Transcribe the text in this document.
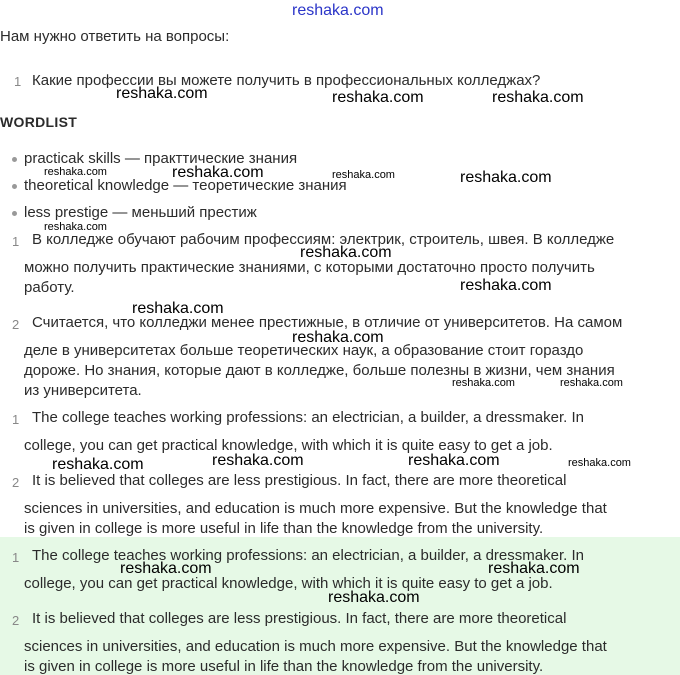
reshaka.com
Нам нужно ответить на вопросы:
1 Какие профессии вы можете получить в профессиональных колледжах?
WORDLIST
practicak skills — практтические знания
theoretical knowledge — теоретические знания
less prestige — меньший престиж
1 В колледже обучают рабочим профессиям: электрик, строитель, швея. В колледже
можно получить практические знаниями, с которыми достаточно просто получить
работу.
2 Считается, что колледжи менее престижные, в отличие от университетов. На самом
деле в университетах больше теоретических наук, а образование стоит гораздо
дороже. Но знания, которые дают в колледже, больше полезны в жизни, чем знания
из университета.
1 The college teaches working professions: an electrician, a builder, a dressmaker. In
college, you can get practical knowledge, with which it is quite easy to get a job.
2 It is believed that colleges are less prestigious. In fact, there are more theoretical
sciences in universities, and education is much more expensive. But the knowledge that
is given in college is more useful in life than the knowledge from the university.
1 The college teaches working professions: an electrician, a builder, a dressmaker. In
college, you can get practical knowledge, with which it is quite easy to get a job.
2 It is believed that colleges are less prestigious. In fact, there are more theoretical
sciences in universities, and education is much more expensive. But the knowledge that
is given in college is more useful in life than the knowledge from the university.
reshaka.com	reshaka.com	reshaka.com
reshaka.com	reshaka.com	reshaka.com	reshaka.com
reshaka.com
reshaka.com
reshaka.com
reshaka.com
reshaka.com
reshaka.com	reshaka.com
reshaka.com	reshaka.com	reshaka.com	reshaka.com
reshaka.com	reshaka.com
reshaka.com
